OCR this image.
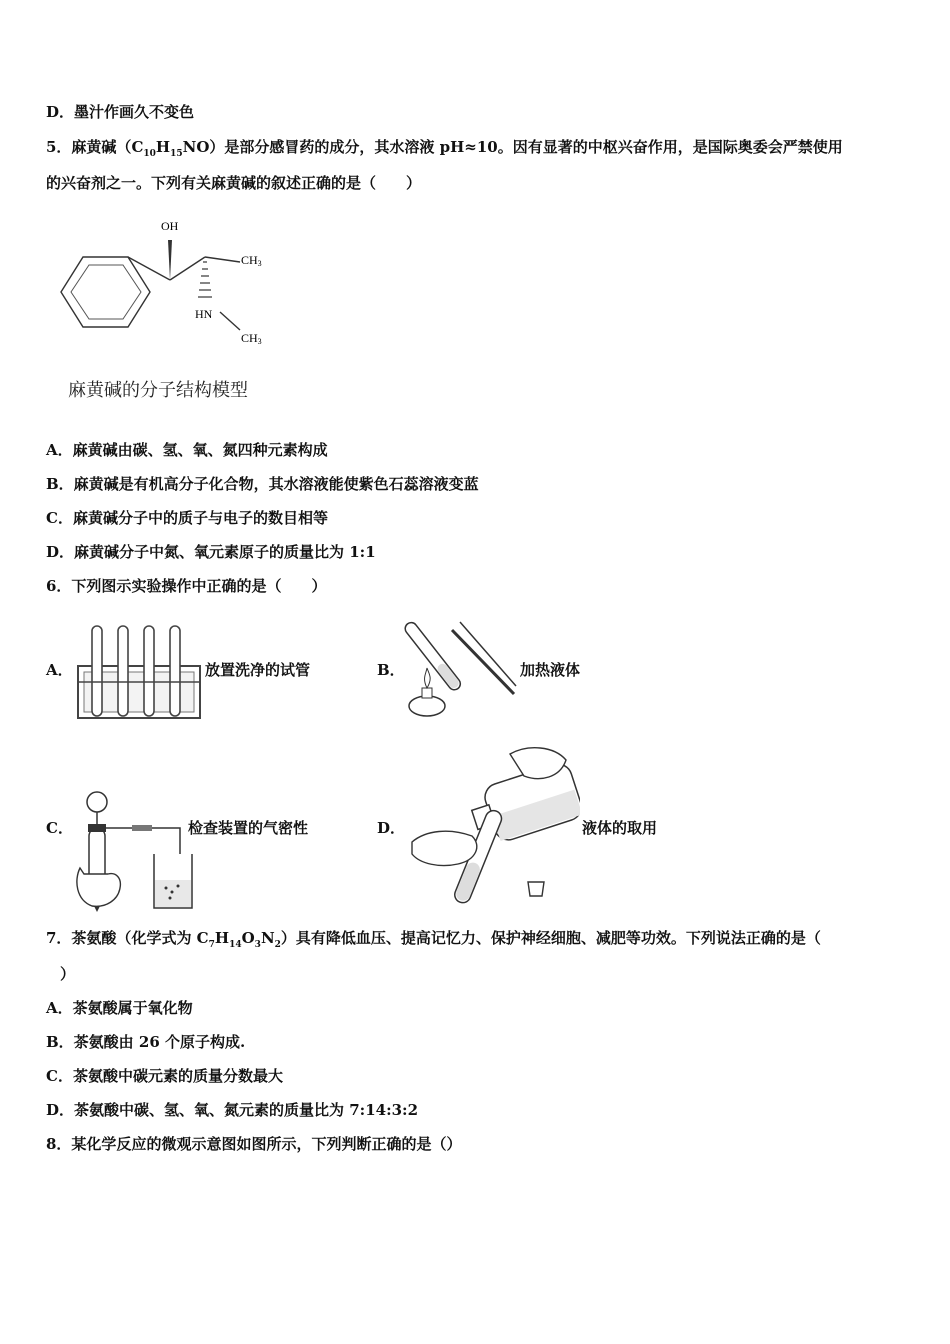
D．墨汁作画久不变色
5．麻黄碱$(C_{10}H_{15}NO)$是部分感冒药的成分，其水溶液 pH≈10。因有显著的中枢兴奋作用，是国际奥委会严禁使用
的兴奋剂之一。下列有关麻黄碱的叙述正确的是（　　）
OH
CH3
HN
CH3
麻黄碱的分子结构模型
A．麻黄碱由碳、氢、氧、氮四种元素构成
B．麻黄碱是有机高分子化合物，其水溶液能使紫色石蕊溶液变蓝
C．麻黄碱分子中的质子与电子的数目相等
D．麻黄碱分子中氮、氧元素原子的质量比为 1:1
6．下列图示实验操作中正确的是（　　）
A．	放置洗净的试管	B．	加热液体
C．	检查装置的气密性	D．	液体的取用
7．茶氨酸（化学式为 $C_7H_{14}O_3N_2$）具有降低血压、提高记忆力、保护神经细胞、减肥等功效。下列说法正确的是（
）
A．茶氨酸属于氧化物
B．茶氨酸由 26 个原子构成.
C．茶氨酸中碳元素的质量分数最大
D．茶氨酸中碳、氢、氧、氮元素的质量比为 7:14:3:2
8．某化学反应的微观示意图如图所示，下列判断正确的是（）
